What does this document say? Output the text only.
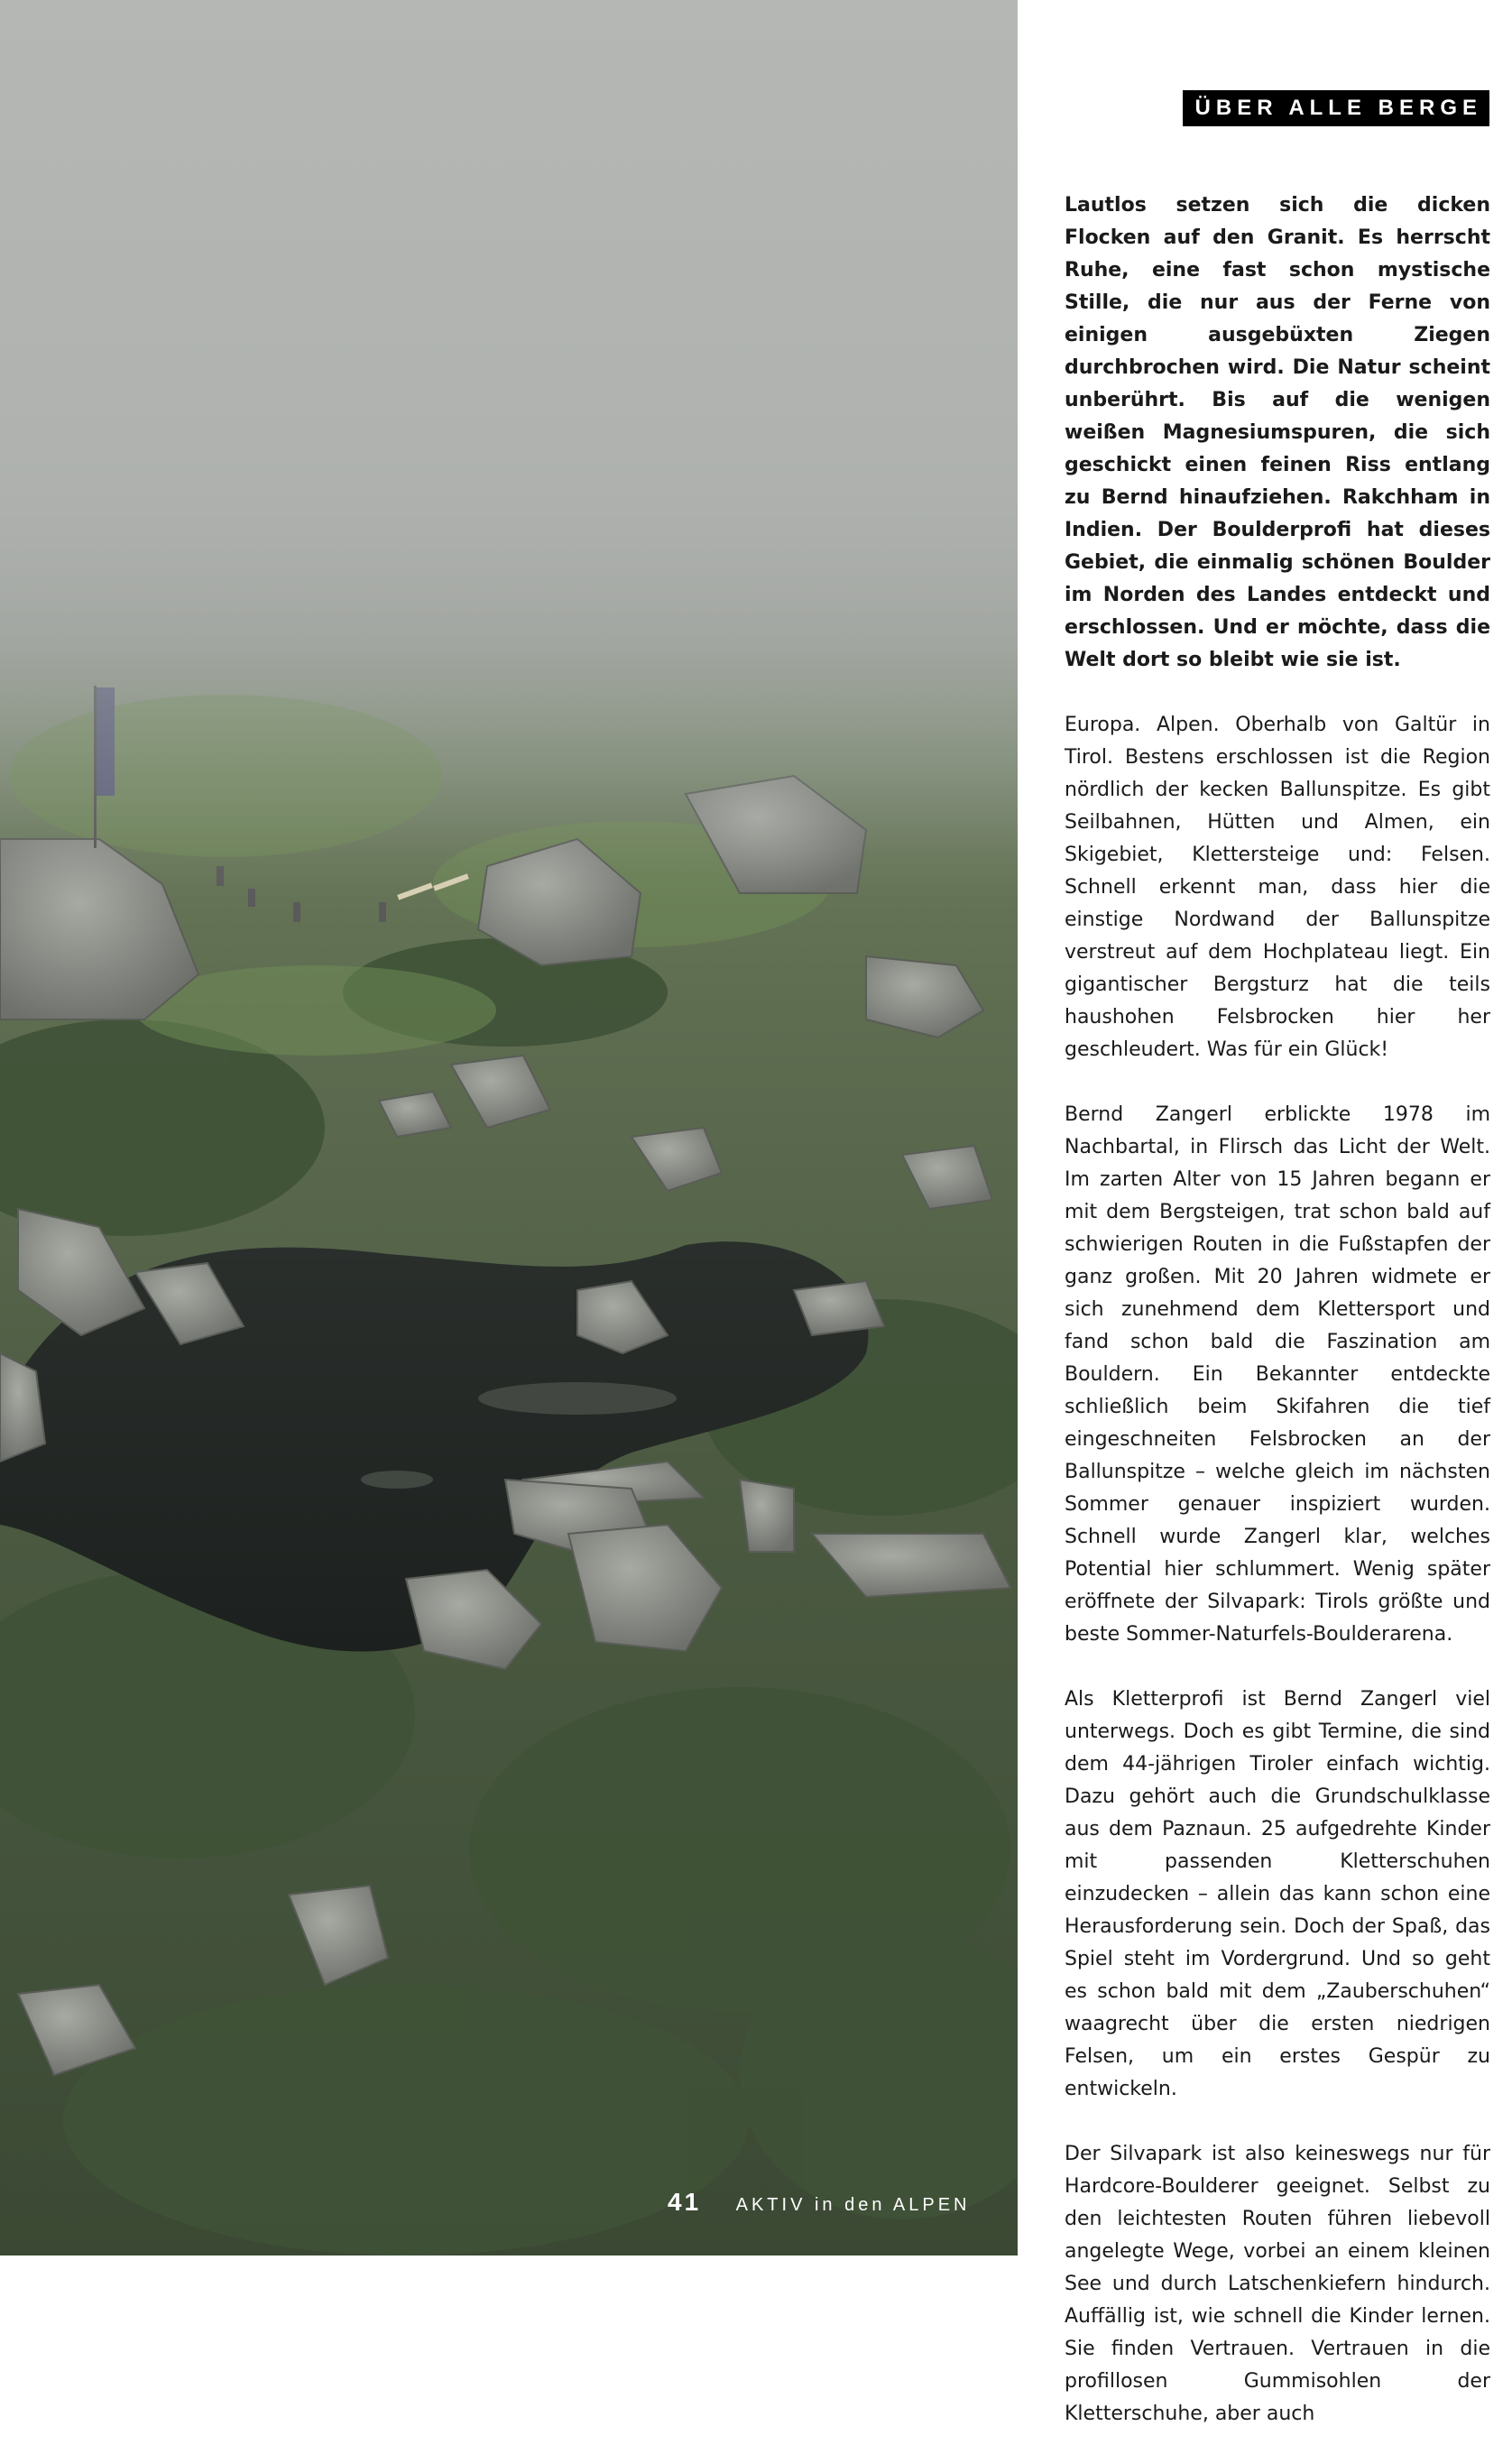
ÜBER ALLE BERGE

Lautlos setzen sich die dicken Flocken auf den Granit. Es herrscht Ruhe, eine fast schon mystische Stille, die nur aus der Ferne von einigen ausgebüxten Ziegen durchbrochen wird. Die Natur scheint unberührt. Bis auf die wenigen weißen Magnesiumspuren, die sich geschickt einen feinen Riss entlang zu Bernd hinaufziehen. Rakchham in Indien. Der Boulderprofi hat dieses Gebiet, die einmalig schönen Boulder im Norden des Landes entdeckt und erschlossen. Und er möchte, dass die Welt dort so bleibt wie sie ist.

Europa. Alpen. Oberhalb von Galtür in Tirol. Bestens erschlossen ist die Region nördlich der kecken Ballunspitze. Es gibt Seilbahnen, Hütten und Almen, ein Skigebiet, Klettersteige und: Felsen. Schnell erkennt man, dass hier die einstige Nordwand der Ballunspitze verstreut auf dem Hochplateau liegt. Ein gigantischer Bergsturz hat die teils haushohen Felsbrocken hier her geschleudert. Was für ein Glück!

Bernd Zangerl erblickte 1978 im Nachbartal, in Flirsch das Licht der Welt. Im zarten Alter von 15 Jahren begann er mit dem Bergsteigen, trat schon bald auf schwierigen Routen in die Fußstapfen der ganz großen. Mit 20 Jahren widmete er sich zunehmend dem Klettersport und fand schon bald die Faszination am Bouldern. Ein Bekannter entdeckte schließlich beim Skifahren die tief eingeschneiten Felsbrocken an der Ballunspitze – welche gleich im nächsten Sommer genauer inspiziert wurden. Schnell wurde Zangerl klar, welches Potential hier schlummert. Wenig später eröffnete der Silvapark: Tirols größte und beste Sommer-Naturfels-Boulderarena.

Als Kletterprofi ist Bernd Zangerl viel unterwegs. Doch es gibt Termine, die sind dem 44-jährigen Tiroler einfach wichtig. Dazu gehört auch die Grundschulklasse aus dem Paznaun. 25 aufgedrehte Kinder mit passenden Kletterschuhen einzudecken – allein das kann schon eine Herausforderung sein. Doch der Spaß, das Spiel steht im Vordergrund. Und so geht es schon bald mit dem „Zauberschuhen“ waagrecht über die ersten niedrigen Felsen, um ein erstes Gespür zu entwickeln.

Der Silvapark ist also keineswegs nur für Hardcore-Boulderer geeignet. Selbst zu den leichtesten Routen führen liebevoll angelegte Wege, vorbei an einem kleinen See und durch Latschenkiefern hindurch. Auffällig ist, wie schnell die Kinder lernen. Sie finden Vertrauen. Vertrauen in die profillosen Gummisohlen der Kletterschuhe, aber auch

41 AKTIV in den ALPEN
